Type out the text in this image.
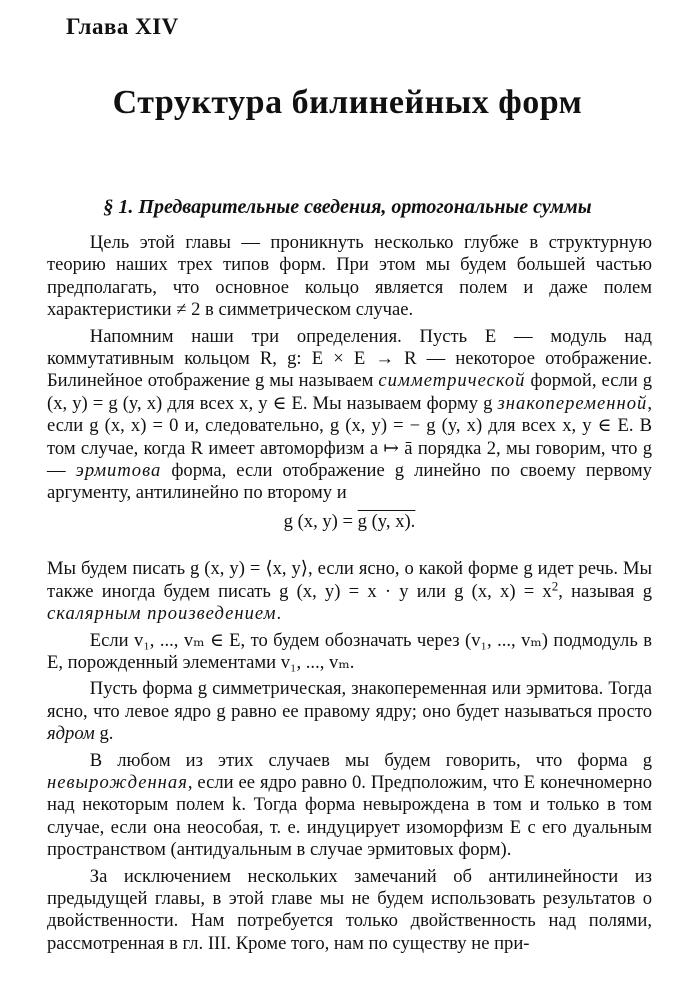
Глава XIV
Структура билинейных форм
§ 1. Предварительные сведения, ортогональные суммы

Цель этой главы — проникнуть несколько глубже в структурную теорию наших трех типов форм. При этом мы будем большей частью предполагать, что основное кольцо является полем и даже полем характеристики ≠ 2 в симметрическом случае.

Напомним наши три определения. Пусть E — модуль над коммутативным кольцом R, g: E × E → R — некоторое отображение. Билинейное отображение g мы называем симметрической формой, если g (x, y) = g (y, x) для всех x, y ∈ E. Мы называем форму g знакопеременной, если g (x, x) = 0 и, следовательно, g (x, y) = − g (y, x) для всех x, y ∈ E. В том случае, когда R имеет автоморфизм a ↦ ā порядка 2, мы говорим, что g — эрмитова форма, если отображение g линейно по своему первому аргументу, антилинейно по второму и

g (x, y) = g (y, x).

Мы будем писать g (x, y) = ⟨x, y⟩, если ясно, о какой форме g идет речь. Мы также иногда будем писать g (x, y) = x · y или g (x, $x) = x^2$, называя g скалярным произведением.

Если v₁, ..., vₘ ∈ E, то будем обозначать через (v₁, ..., vₘ) подмодуль в E, порожденный элементами v₁, ..., vₘ.

Пусть форма g симметрическая, знакопеременная или эрмитова. Тогда ясно, что левое ядро g равно ее правому ядру; оно будет называться просто ядром g.

В любом из этих случаев мы будем говорить, что форма g невырожденная, если ее ядро равно 0. Предположим, что E конечномерно над некоторым полем k. Тогда форма невырождена в том и только в том случае, если она неособая, т. е. индуцирует изоморфизм E с его дуальным пространством (антидуальным в случае эрмитовых форм).

За исключением нескольких замечаний об антилинейности из предыдущей главы, в этой главе мы не будем использовать результатов о двойственности. Нам потребуется только двойственность над полями, рассмотренная в гл. III. Кроме того, нам по существу не при-
